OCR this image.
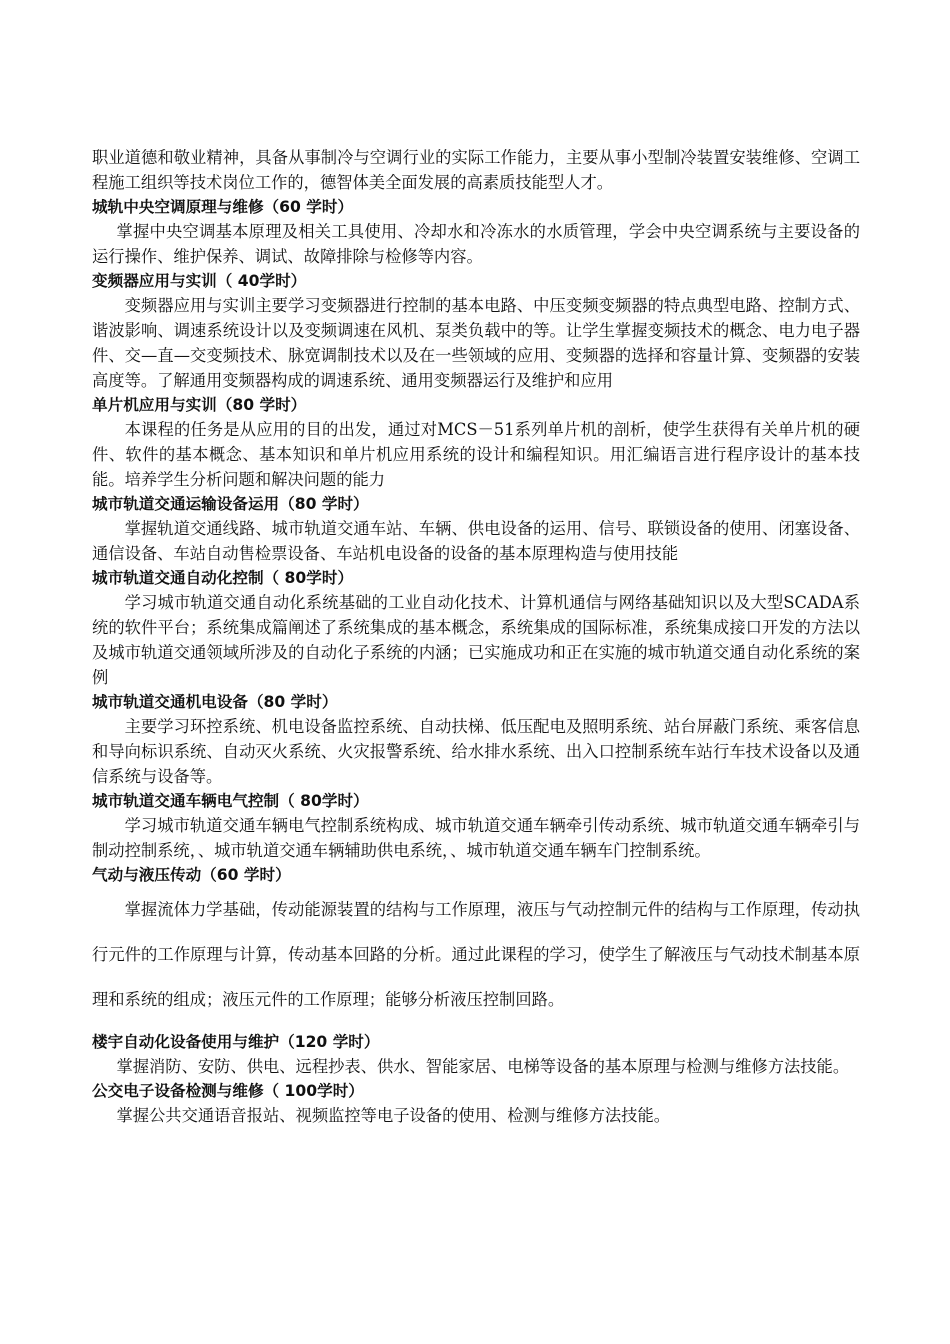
职业道德和敬业精神，具备从事制冷与空调行业的实际工作能力，主要从事小型制冷装置安装维修、空调工程施工组织等技术岗位工作的，德智体美全面发展的高素质技能型人才。

城轨中央空调原理与维修（60 学时）

掌握中央空调基本原理及相关工具使用、冷却水和冷冻水的水质管理，学会中央空调系统与主要设备的运行操作、维护保养、调试、故障排除与检修等内容。

变频器应用与实训（ 40学时）

变频器应用与实训主要学习变频器进行控制的基本电路、中压变频变频器的特点典型电路、控制方式、谐波影响、调速系统设计以及变频调速在风机、泵类负载中的等。让学生掌握变频技术的概念、电力电子器件、交—直—交变频技术、脉宽调制技术以及在一些领域的应用、变频器的选择和容量计算、变频器的安装高度等。了解通用变频器构成的调速系统、通用变频器运行及维护和应用

单片机应用与实训（80 学时）

本课程的任务是从应用的目的出发，通过对MCS－51系列单片机的剖析，使学生获得有关单片机的硬件、软件的基本概念、基本知识和单片机应用系统的设计和编程知识。用汇编语言进行程序设计的基本技能。培养学生分析问题和解决问题的能力

城市轨道交通运输设备运用（80 学时）

掌握轨道交通线路、城市轨道交通车站、车辆、供电设备的运用、信号、联锁设备的使用、闭塞设备、通信设备、车站自动售检票设备、车站机电设备的设备的基本原理构造与使用技能

城市轨道交通自动化控制（ 80学时）

学习城市轨道交通自动化系统基础的工业自动化技术、计算机通信与网络基础知识以及大型SCADA系统的软件平台；系统集成篇阐述了系统集成的基本概念，系统集成的国际标准，系统集成接口开发的方法以及城市轨道交通领域所涉及的自动化子系统的内涵；已实施成功和正在实施的城市轨道交通自动化系统的案例

城市轨道交通机电设备（80 学时）

主要学习环控系统、机电设备监控系统、自动扶梯、低压配电及照明系统、站台屏蔽门系统、乘客信息和导向标识系统、自动灭火系统、火灾报警系统、给水排水系统、出入口控制系统车站行车技术设备以及通信系统与设备等。

城市轨道交通车辆电气控制（ 80学时）

学习城市轨道交通车辆电气控制系统构成、城市轨道交通车辆牵引传动系统、城市轨道交通车辆牵引与制动控制系统，、城市轨道交通车辆辅助供电系统，、城市轨道交通车辆车门控制系统。

气动与液压传动（60 学时）

掌握流体力学基础，传动能源装置的结构与工作原理，液压与气动控制元件的结构与工作原理，传动执行元件的工作原理与计算，传动基本回路的分析。通过此课程的学习，使学生了解液压与气动技术制基本原理和系统的组成；液压元件的工作原理；能够分析液压控制回路。

楼宇自动化设备使用与维护（120 学时）

掌握消防、安防、供电、远程抄表、供水、智能家居、电梯等设备的基本原理与检测与维修方法技能。

公交电子设备检测与维修（ 100学时）

掌握公共交通语音报站、视频监控等电子设备的使用、检测与维修方法技能。
